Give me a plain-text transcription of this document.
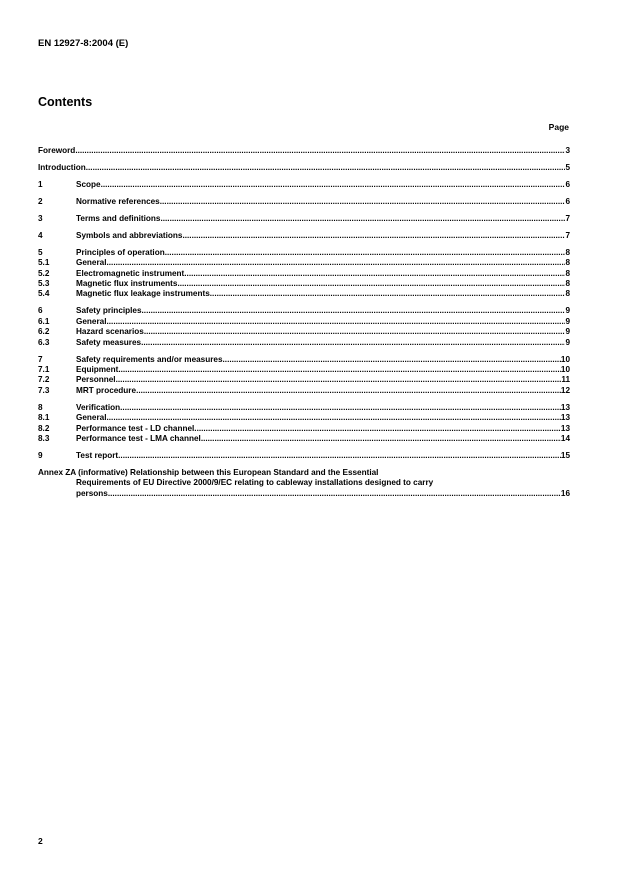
EN 12927-8:2004 (E)
Contents
Page
Foreword .....	3
Introduction .....	5
1	Scope .....	6
2	Normative references .....	6
3	Terms and definitions .....	7
4	Symbols and abbreviations .....	7
5	Principles of operation .....	8
5.1	General .....	8
5.2	Electromagnetic instrument .....	8
5.3	Magnetic flux instruments .....	8
5.4	Magnetic flux leakage instruments .....	8
6	Safety principles .....	9
6.1	General .....	9
6.2	Hazard scenarios .....	9
6.3	Safety measures .....	9
7	Safety requirements and/or measures .....	10
7.1	Equipment .....	10
7.2	Personnel .....	11
7.3	MRT procedure .....	12
8	Verification .....	13
8.1	General .....	13
8.2	Performance test - LD channel .....	13
8.3	Performance test - LMA channel .....	14
9	Test report .....	15
Annex ZA (informative) Relationship between this European Standard and the Essential
Requirements of EU Directive 2000/9/EC relating to cableway installations designed to carry
persons .....	16
2
